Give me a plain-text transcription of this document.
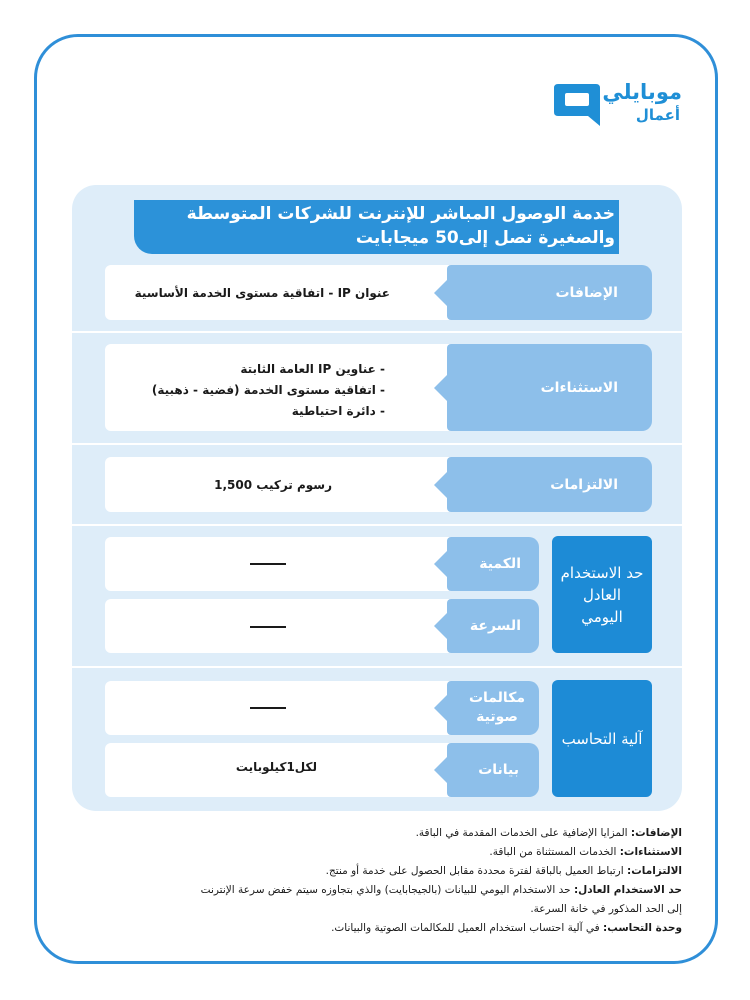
موبايلي
أعمال
خدمة الوصول المباشر للإنترنت للشركات المتوسطة
والصغيرة تصل إلى50 ميجابايت
الإضافات
عنوان IP - اتفاقية مستوى الخدمة الأساسية
الاستثناءات
- عناوين IP العامة الثابتة
- اتفاقية مستوى الخدمة (فضية - ذهبية)
- دائرة احتياطية
الالتزامات
رسوم تركيب 1,500
حد الاستخدام العادل اليومي
الكمية
السرعة
آلية التحاسب
مكالمات صوتية
بيانات
لكل1كيلوبايت
الإضافات: المزايا الإضافية على الخدمات المقدمة في الباقة.
الاستثناءات: الخدمات المستثناة من الباقة.
الالتزامات: ارتباط العميل بالباقة لفترة محددة مقابل الحصول على خدمة أو منتج.
حد الاستخدام العادل: حد الاستخدام اليومي للبيانات (بالجيجابايت) والذي بتجاوزه سيتم خفض سرعة الإنترنت
إلى الحد المذكور في خانة السرعة.
وحدة التحاسب: في آلية احتساب استخدام العميل للمكالمات الصوتية والبيانات.
